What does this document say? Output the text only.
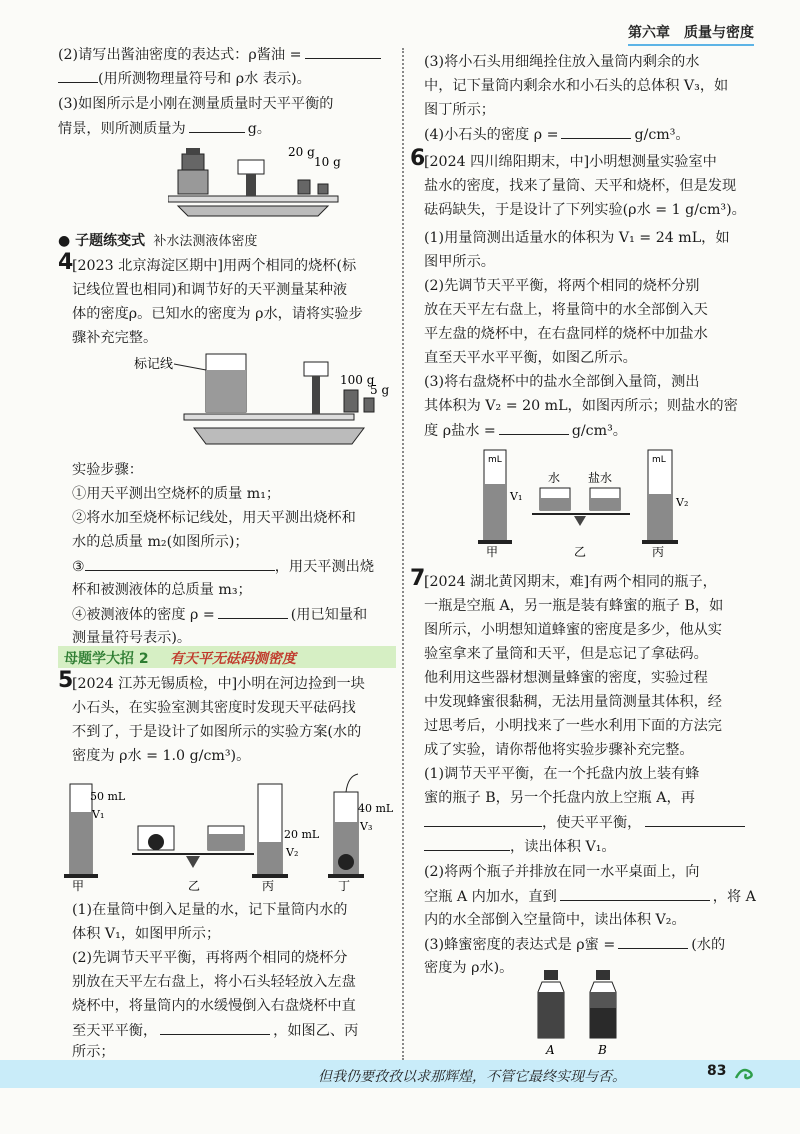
第六章　质量与密度
(2)请写出酱油密度的表达式：ρ酱油 =
(用所测物理量符号和 ρ水 表示)。
(3)如图所示是小刚在测量质量时天平平衡的
情景，则所测质量为	g。
20 g
10 g
● 子题练变式 补水法测液体密度
4
[2023 北京海淀区期中]用两个相同的烧杯(标
记线位置也相同)和调节好的天平测量某种液
体的密度ρ。已知水的密度为 ρ水，请将实验步
骤补充完整。
标记线
100 g
5 g
实验步骤：
①用天平测出空烧杯的质量 m₁；
②将水加至烧杯标记线处，用天平测出烧杯和
水的总质量 m₂(如图所示)；
③	，用天平测出烧
杯和被测液体的总质量 m₃；
④被测液体的密度 ρ =	(用已知量和
测量量符号表示)。
母题学大招 2 有天平无砝码测密度
5
[2024 江苏无锡质检，中]小明在河边捡到一块
小石头，在实验室测其密度时发现天平砝码找
不到了，于是设计了如图所示的实验方案(水的
密度为 ρ水 = 1.0 g/cm³)。
50 mL
V₁
甲	乙
20 mL
V₂
丙
40 mL
V₃
丁
(1)在量筒中倒入足量的水，记下量筒内水的
体积 V₁，如图甲所示；
(2)先调节天平平衡，再将两个相同的烧杯分
别放在天平左右盘上，将小石头轻轻放入左盘
烧杯中，将量筒内的水缓慢倒入右盘烧杯中直
至天平平衡，	，如图乙、丙
所示；
(3)将小石头用细绳拴住放入量筒内剩余的水
中，记下量筒内剩余水和小石头的总体积 V₃，如
图丁所示；
(4)小石头的密度 ρ =	g/cm³。
6
[2024 四川绵阳期末，中]小明想测量实验室中
盐水的密度，找来了量筒、天平和烧杯，但是发现
砝码缺失，于是设计了下列实验(ρ水 = 1 g/cm³)。
(1)用量筒测出适量水的体积为 V₁ = 24 mL，如
图甲所示。
(2)先调节天平平衡，将两个相同的烧杯分别
放在天平左右盘上，将量筒中的水全部倒入天
平左盘的烧杯中，在右盘同样的烧杯中加盐水
直至天平水平平衡，如图乙所示。
(3)将右盘烧杯中的盐水全部倒入量筒，测出
其体积为 V₂ = 20 mL，如图丙所示；则盐水的密
度 ρ盐水 =	g/cm³。
mL
V₁
甲
水 盐水
乙
mL
V₂
丙
7
[2024 湖北黄冈期末，难]有两个相同的瓶子，
一瓶是空瓶 A，另一瓶是装有蜂蜜的瓶子 B，如
图所示，小明想知道蜂蜜的密度是多少，他从实
验室拿来了量筒和天平，但是忘记了拿砝码。
他利用这些器材想测量蜂蜜的密度，实验过程
中发现蜂蜜很黏稠，无法用量筒测量其体积，经
过思考后，小明找来了一些水利用下面的方法完
成了实验，请你帮他将实验步骤补充完整。
(1)调节天平平衡，在一个托盘内放上装有蜂
蜜的瓶子 B，另一个托盘内放上空瓶 A，再
，使天平平衡，
，读出体积 V₁。
(2)将两个瓶子并排放在同一水平桌面上，向
空瓶 A 内加水，直到	，将 A
内的水全部倒入空量筒中，读出体积 V₂。
(3)蜂蜜密度的表达式是 ρ蜜 =	(水的
密度为 ρ水)。
A	B
但我仍要孜孜以求那辉煌，不管它最终实现与否。	83
